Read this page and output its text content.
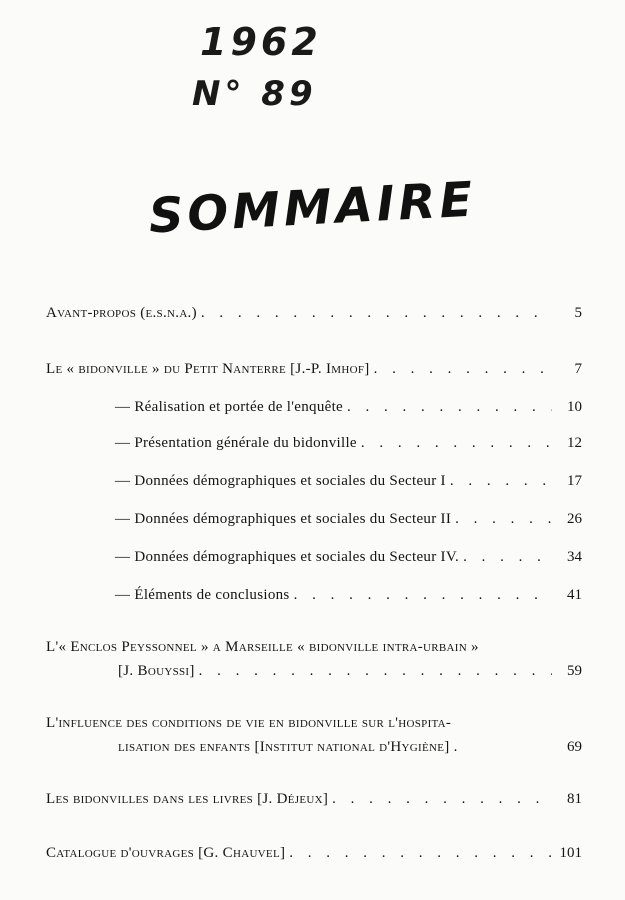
1962
N° 89
SOMMAIRE
Avant-propos (e.s.n.a.) . . .	5
Le « bidonville » du Petit Nanterre [J.-P. Imhof] . . .	7
— Réalisation et portée de l'enquête . . .	10
— Présentation générale du bidonville . . .	12
— Données démographiques et sociales du Secteur I . . .	17
— Données démographiques et sociales du Secteur II . . .	26
— Données démographiques et sociales du Secteur IV. . . .	34
— Éléments de conclusions . . .	41
L'« Enclos Peyssonnel » a Marseille « bidonville intra-urbain »
[J. Bouyssi] . . .	59
L'influence des conditions de vie en bidonville sur l'hospita-
lisation des enfants [Institut national d'Hygiène] .	69
Les bidonvilles dans les livres [J. Déjeux] . . .	81
Catalogue d'ouvrages [G. Chauvel] . . .	101
